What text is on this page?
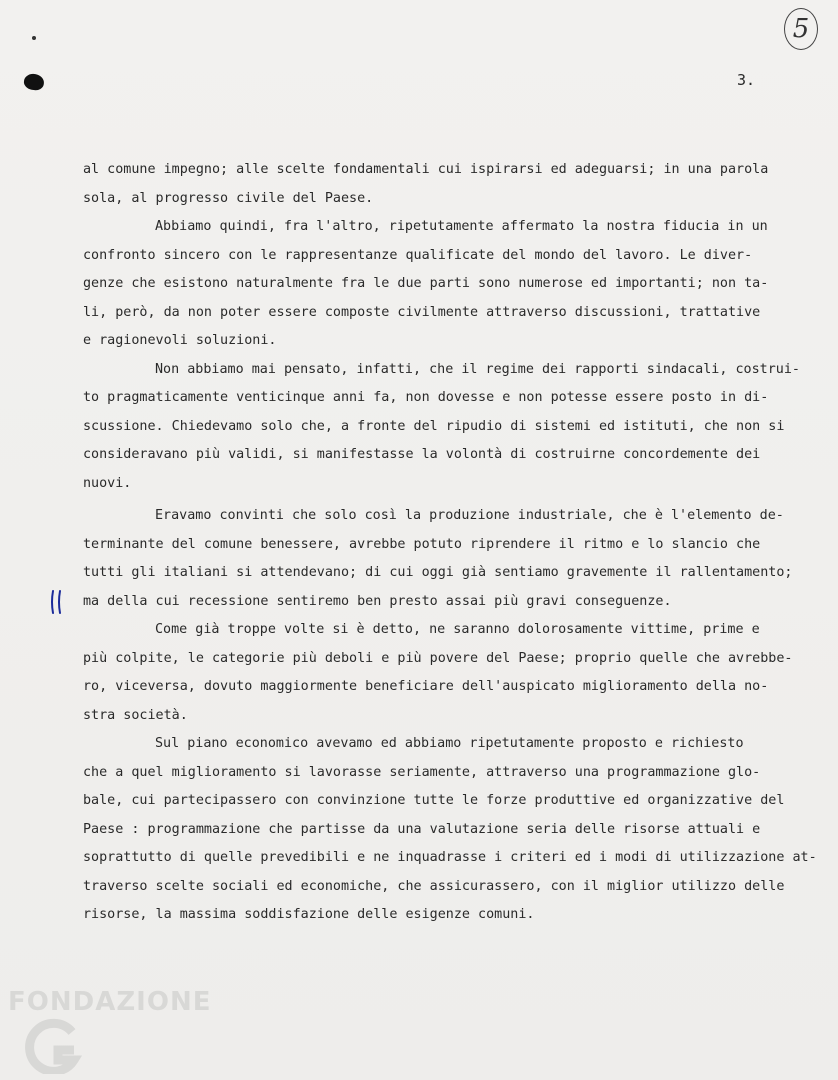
5
3.
al comune impegno; alle scelte fondamentali cui ispirarsi ed adeguarsi; in una parola
sola, al progresso civile del Paese.
Abbiamo quindi, fra l'altro, ripetutamente affermato la nostra fiducia in un
confronto sincero con le rappresentanze qualificate del mondo del lavoro. Le diver-
genze che esistono naturalmente fra le due parti sono numerose ed importanti; non ta-
li, però, da non poter essere composte civilmente attraverso discussioni, trattative
e ragionevoli soluzioni.
Non abbiamo mai pensato, infatti, che il regime dei rapporti sindacali, costrui-
to pragmaticamente venticinque anni fa, non dovesse e non potesse essere posto in di-
scussione. Chiedevamo solo che, a fronte del ripudio di sistemi ed istituti, che non si
consideravano più validi, si manifestasse la volontà di costruirne concordemente dei
nuovi.
Eravamo convinti che solo così la produzione industriale, che è l'elemento de-
terminante del comune benessere, avrebbe potuto riprendere il ritmo e lo slancio che
tutti gli italiani si attendevano; di cui oggi già sentiamo gravemente il rallentamento;
ma della cui recessione sentiremo ben presto assai più gravi conseguenze.
Come già troppe volte si è detto, ne saranno dolorosamente vittime, prime e
più colpite, le categorie più deboli e più povere del Paese; proprio quelle che avrebbe-
ro, viceversa, dovuto maggiormente beneficiare dell'auspicato miglioramento della no-
stra società.
Sul piano economico avevamo ed abbiamo ripetutamente proposto e richiesto
che a quel miglioramento si lavorasse seriamente, attraverso una programmazione glo-
bale, cui partecipassero con convinzione tutte le forze produttive ed organizzative del
Paese : programmazione che partisse da una valutazione seria delle risorse attuali e
soprattutto di quelle prevedibili e ne inquadrasse i criteri ed i modi di utilizzazione at-
traverso scelte sociali ed economiche, che assicurassero, con il miglior utilizzo delle
risorse, la massima soddisfazione delle esigenze comuni.
FONDAZIONE
